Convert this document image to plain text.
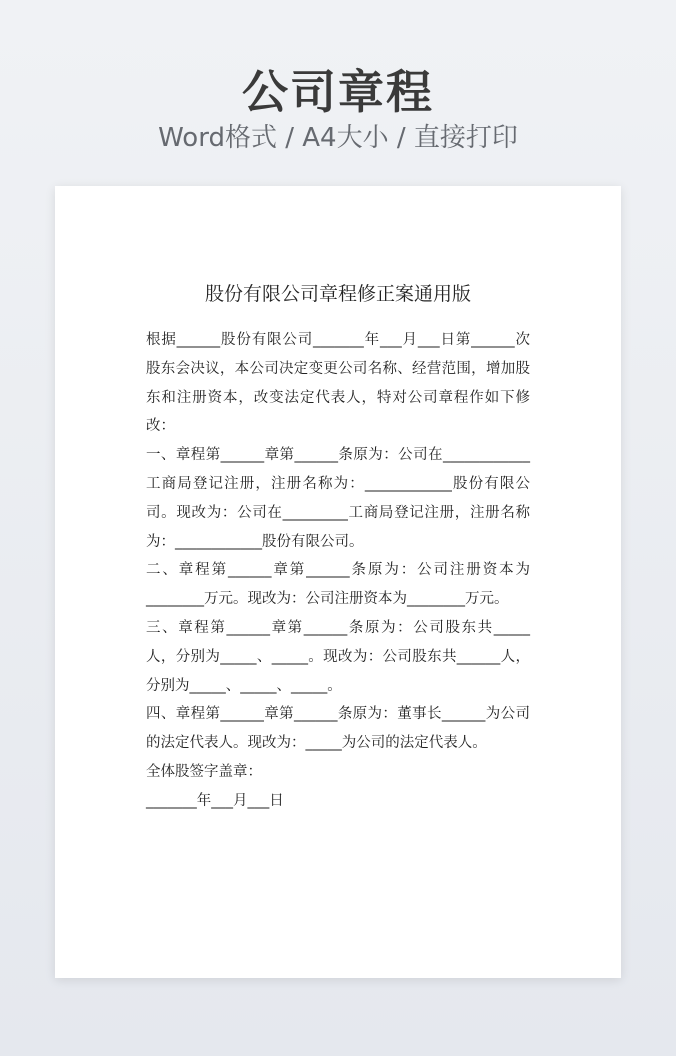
公司章程
Word格式 / A4大小 / 直接打印
股份有限公司章程修正案通用版

根据______股份有限公司_______年___月___日第______次股东会决议，本公司决定变更公司名称、经营范围，增加股东和注册资本，改变法定代表人，特对公司章程作如下修改：

一、章程第______章第______条原为：公司在____________工商局登记注册，注册名称为：____________股份有限公司。现改为：公司在_________工商局登记注册，注册名称为：____________股份有限公司。

二、章程第______章第______条原为：公司注册资本为________万元。现改为：公司注册资本为________万元。

三、章程第______章第______条原为：公司股东共_____人，分别为_____、_____。现改为：公司股东共______人，分别为_____、_____、_____。

四、章程第______章第______条原为：董事长______为公司的法定代表人。现改为：_____为公司的法定代表人。

全体股签字盖章：

_______年___月___日
